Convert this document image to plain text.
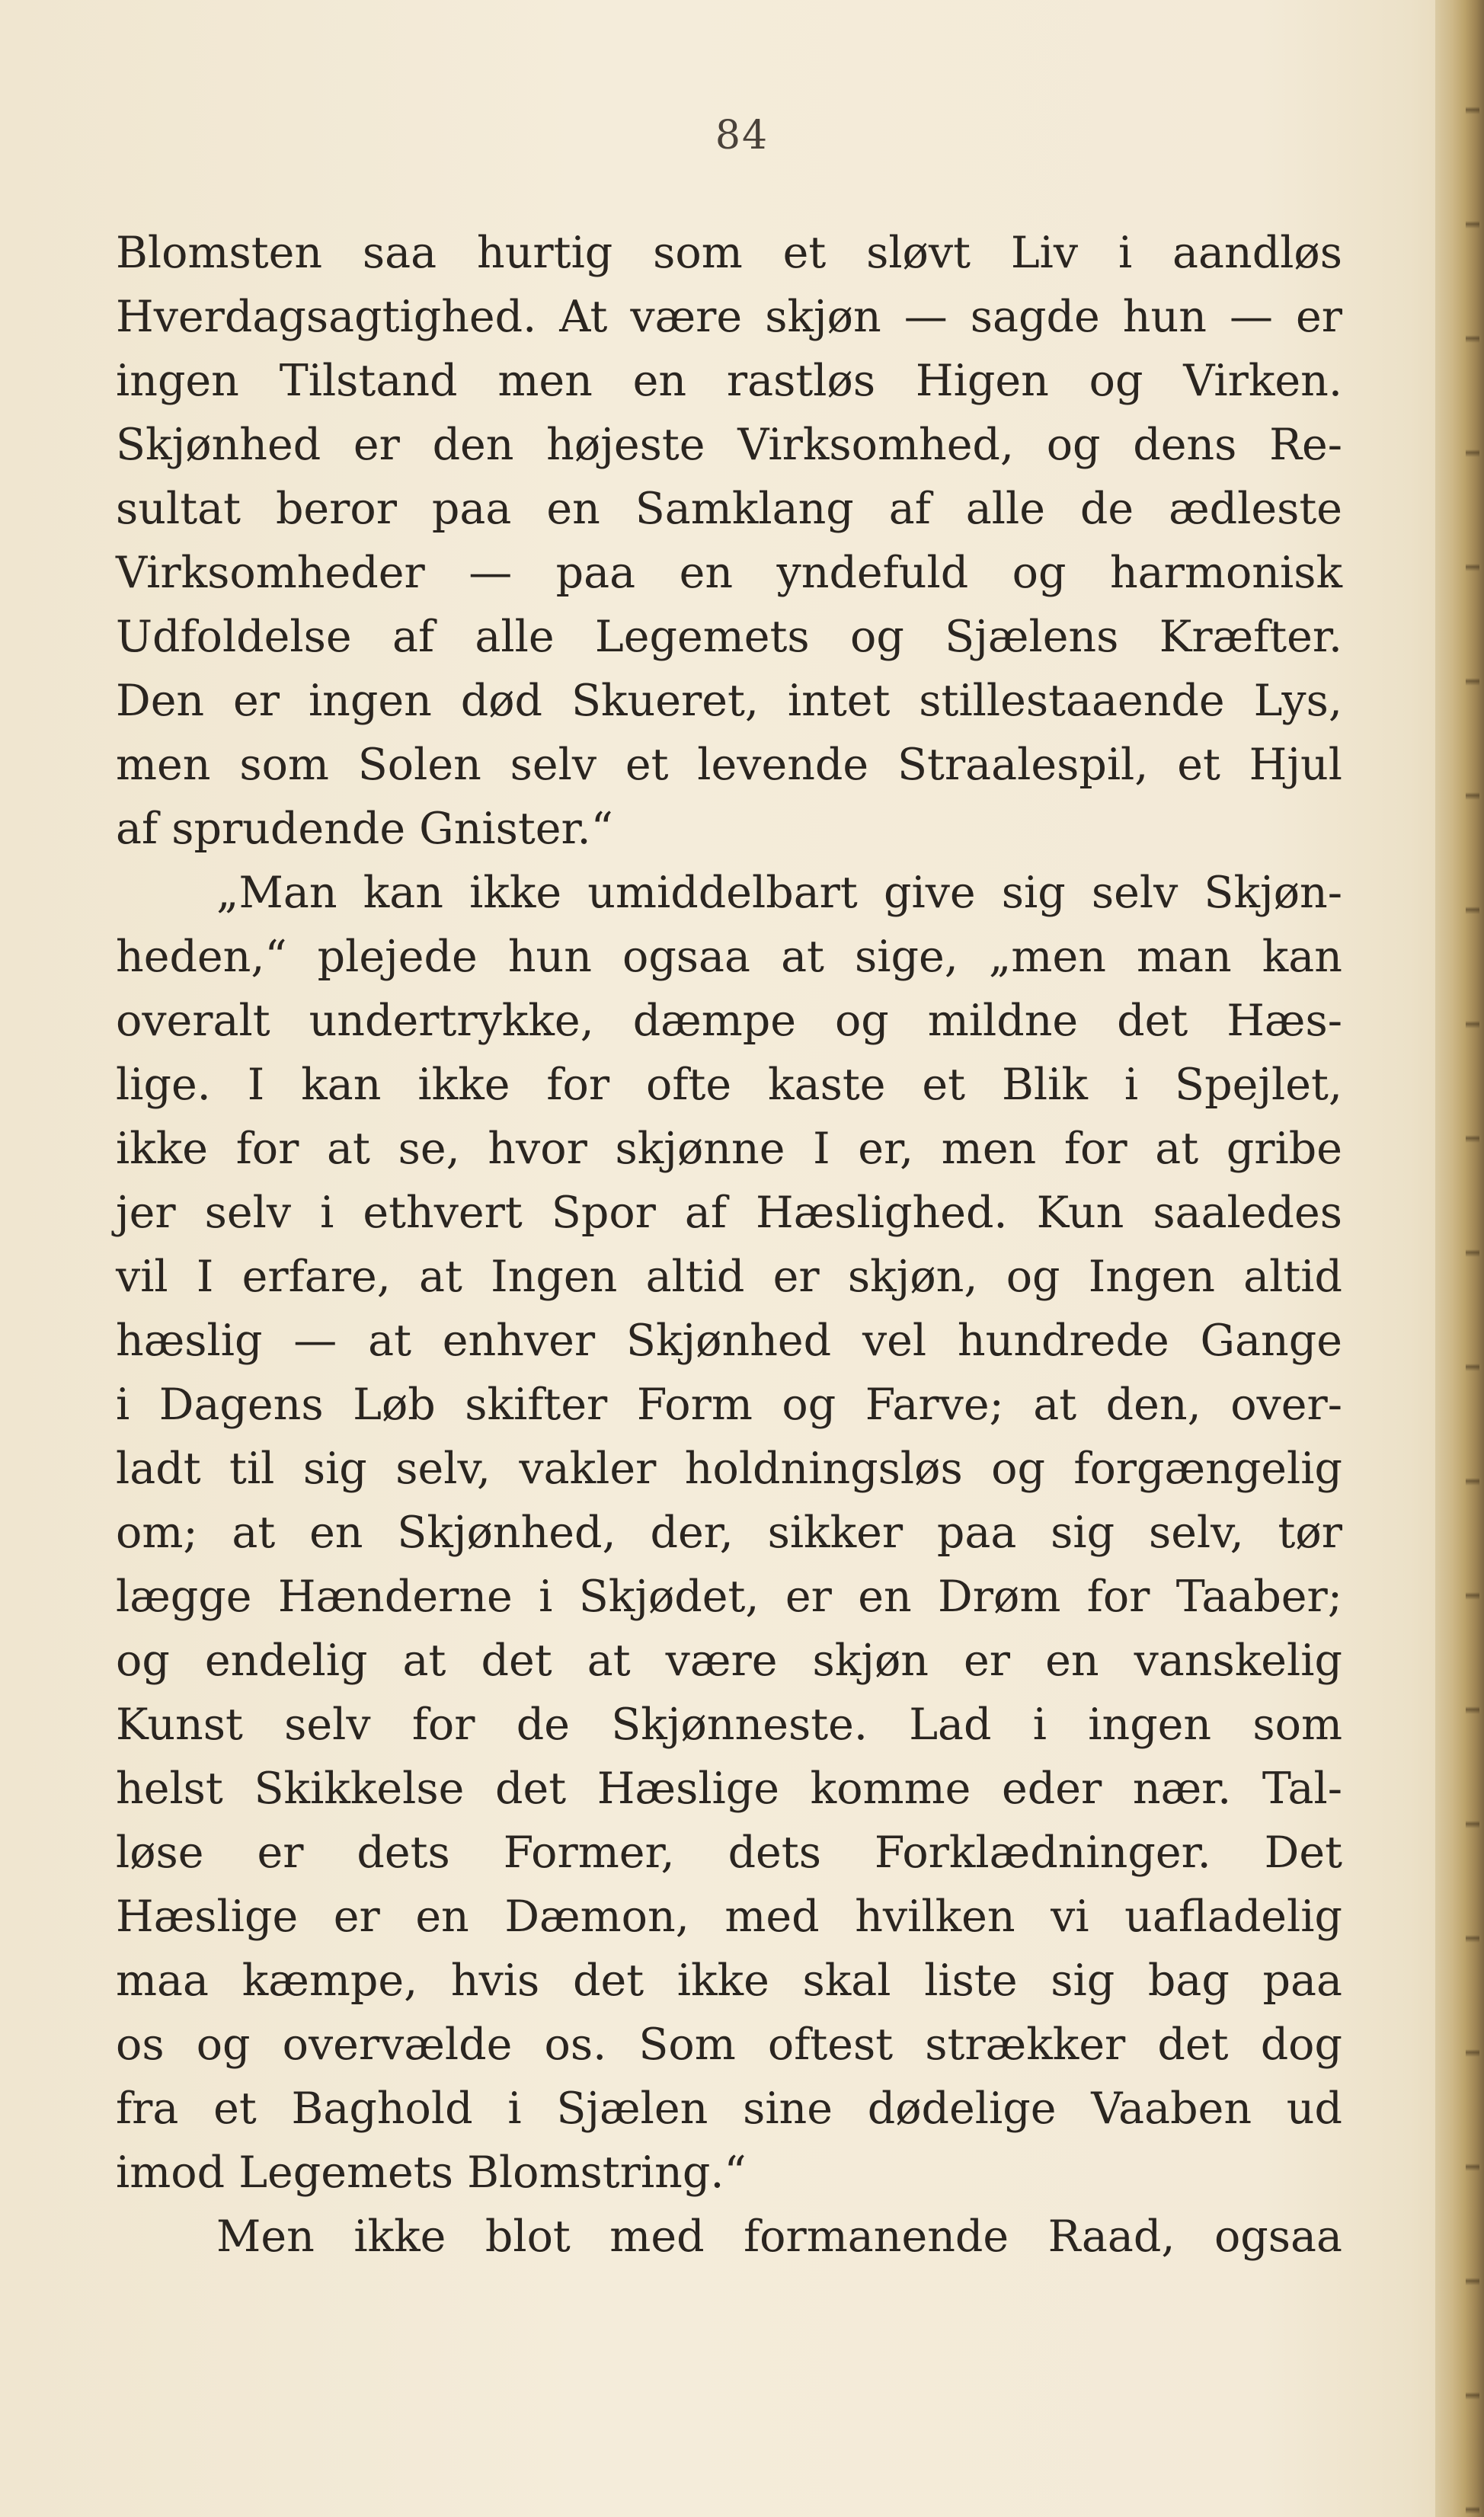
84
Blomsten saa hurtig som et sløvt Liv i aandløs
Hverdagsagtighed. At være skjøn — sagde hun — er
ingen Tilstand men en rastløs Higen og Virken.
Skjønhed er den højeste Virksomhed, og dens Re-
sultat beror paa en Samklang af alle de ædleste
Virksomheder — paa en yndefuld og harmonisk
Udfoldelse af alle Legemets og Sjælens Kræfter.
Den er ingen død Skueret, intet stillestaaende Lys,
men som Solen selv et levende Straalespil, et Hjul
af sprudende Gnister.“
„Man kan ikke umiddelbart give sig selv Skjøn-
heden,“ plejede hun ogsaa at sige, „men man kan
overalt undertrykke, dæmpe og mildne det Hæs-
lige. I kan ikke for ofte kaste et Blik i Spejlet,
ikke for at se, hvor skjønne I er, men for at gribe
jer selv i ethvert Spor af Hæslighed. Kun saaledes
vil I erfare, at Ingen altid er skjøn, og Ingen altid
hæslig — at enhver Skjønhed vel hundrede Gange
i Dagens Løb skifter Form og Farve; at den, over-
ladt til sig selv, vakler holdningsløs og forgængelig
om; at en Skjønhed, der, sikker paa sig selv, tør
lægge Hænderne i Skjødet, er en Drøm for Taaber;
og endelig at det at være skjøn er en vanskelig
Kunst selv for de Skjønneste. Lad i ingen som
helst Skikkelse det Hæslige komme eder nær. Tal-
løse er dets Former, dets Forklædninger. Det
Hæslige er en Dæmon, med hvilken vi uafladelig
maa kæmpe, hvis det ikke skal liste sig bag paa
os og overvælde os. Som oftest strækker det dog
fra et Baghold i Sjælen sine dødelige Vaaben ud
imod Legemets Blomstring.“
Men ikke blot med formanende Raad, ogsaa
